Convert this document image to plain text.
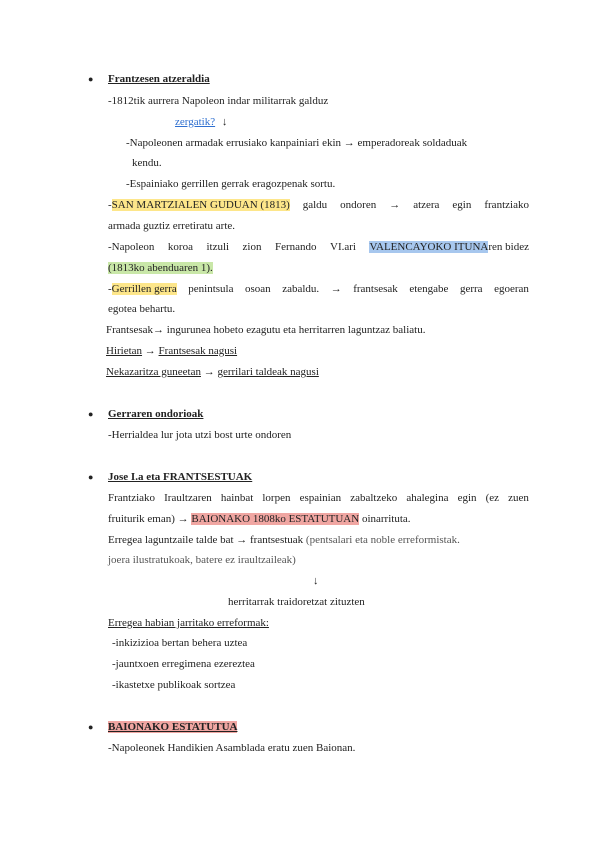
● Frantzesen atzeraldia
-1812tik aurrera Napoleon indar militarrak galduz
zergatik? ↓
-Napoleonen armadak errusiako kanpainiari ekin → emperadoreak soldaduak
kendu.
-Espainiako gerrillen gerrak eragozpenak sortu.
-SAN MARTZIALEN GUDUAN (1813) galdu ondoren → atzera egin frantziako
armada guztiz erretiratu arte.
-Napoleon koroa itzuli zion Fernando VI.ari VALENCAYOKO ITUNAren bidez
(1813ko abenduaren 1).
-Gerrillen gerra penintsula osoan zabaldu. → frantsesak etengabe gerra egoeran
egotea behartu.
Frantsesak→ ingurunea hobeto ezagutu eta herritarren laguntzaz baliatu.
Hirietan → Frantsesak nagusi
Nekazaritza guneetan → gerrilari taldeak nagusi
● Gerraren ondorioak
-Herrialdea lur jota utzi bost urte ondoren
● Jose I.a eta FRANTSESTUAK
Frantziako Iraultzaren hainbat lorpen espainian zabaltzeko ahalegina egin (ez zuen
fruiturik eman) → BAIONAKO 1808ko ESTATUTUAN oinarrituta.
Erregea laguntzaile talde bat → frantsestuak (pentsalari eta noble erreformistak.
joera ilustratukoak, batere ez iraultzaileak)
↓
herritarrak traidoretzat zituzten
Erregea habian jarritako erreformak:
-inkizizioa bertan behera uztea
-jauntxoen erregimena ezereztea
-ikastetxe publikoak sortzea
● BAIONAKO ESTATUTUA
-Napoleonek Handikien Asamblada eratu zuen Baionan.
